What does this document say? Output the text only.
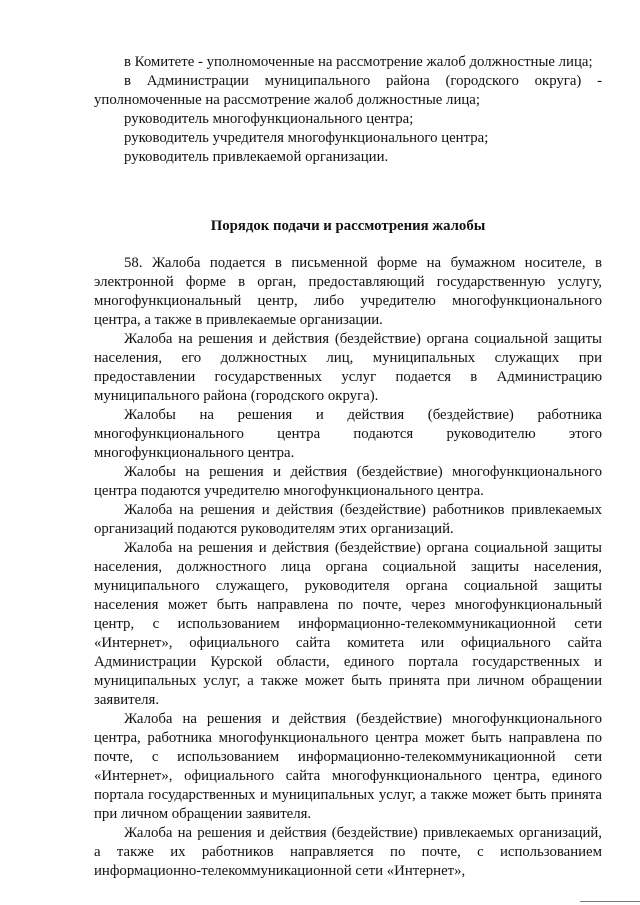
в Комитете - уполномоченные на рассмотрение жалоб должностные лица;

в Администрации муниципального района (городского округа) - уполномоченные на рассмотрение жалоб должностные лица;

руководитель многофункционального центра;

руководитель учредителя многофункционального центра;

руководитель привлекаемой организации.

Порядок подачи и рассмотрения жалобы

58. Жалоба подается в письменной форме на бумажном носителе, в электронной форме в орган, предоставляющий государственную услугу, многофункциональный центр, либо учредителю многофункционального центра, а также в привлекаемые организации.

Жалоба на решения и действия (бездействие) органа социальной защиты населения, его должностных лиц, муниципальных служащих при предоставлении государственных услуг подается в Администрацию муниципального района (городского округа).

Жалобы на решения и действия (бездействие) работника многофункционального центра подаются руководителю этого многофункционального центра.

Жалобы на решения и действия (бездействие) многофункционального центра подаются учредителю многофункционального центра.

Жалоба на решения и действия (бездействие) работников привлекаемых организаций подаются руководителям этих организаций.

Жалоба на решения и действия (бездействие) органа социальной защиты населения, должностного лица органа социальной защиты населения, муниципального служащего, руководителя органа социальной защиты населения может быть направлена по почте, через многофункциональный центр, с использованием информационно-телекоммуникационной сети «Интернет», официального сайта комитета или официального сайта Администрации Курской области, единого портала государственных и муниципальных услуг, а также может быть принята при личном обращении заявителя.

Жалоба на решения и действия (бездействие) многофункционального центра, работника многофункционального центра может быть направлена по почте, с использованием информационно-телекоммуникационной сети «Интернет», официального сайта многофункционального центра, единого портала государственных и муниципальных услуг, а также может быть принята при личном обращении заявителя.

Жалоба на решения и действия (бездействие) привлекаемых организаций, а также их работников направляется по почте, с использованием информационно-телекоммуникационной сети «Интернет»,
